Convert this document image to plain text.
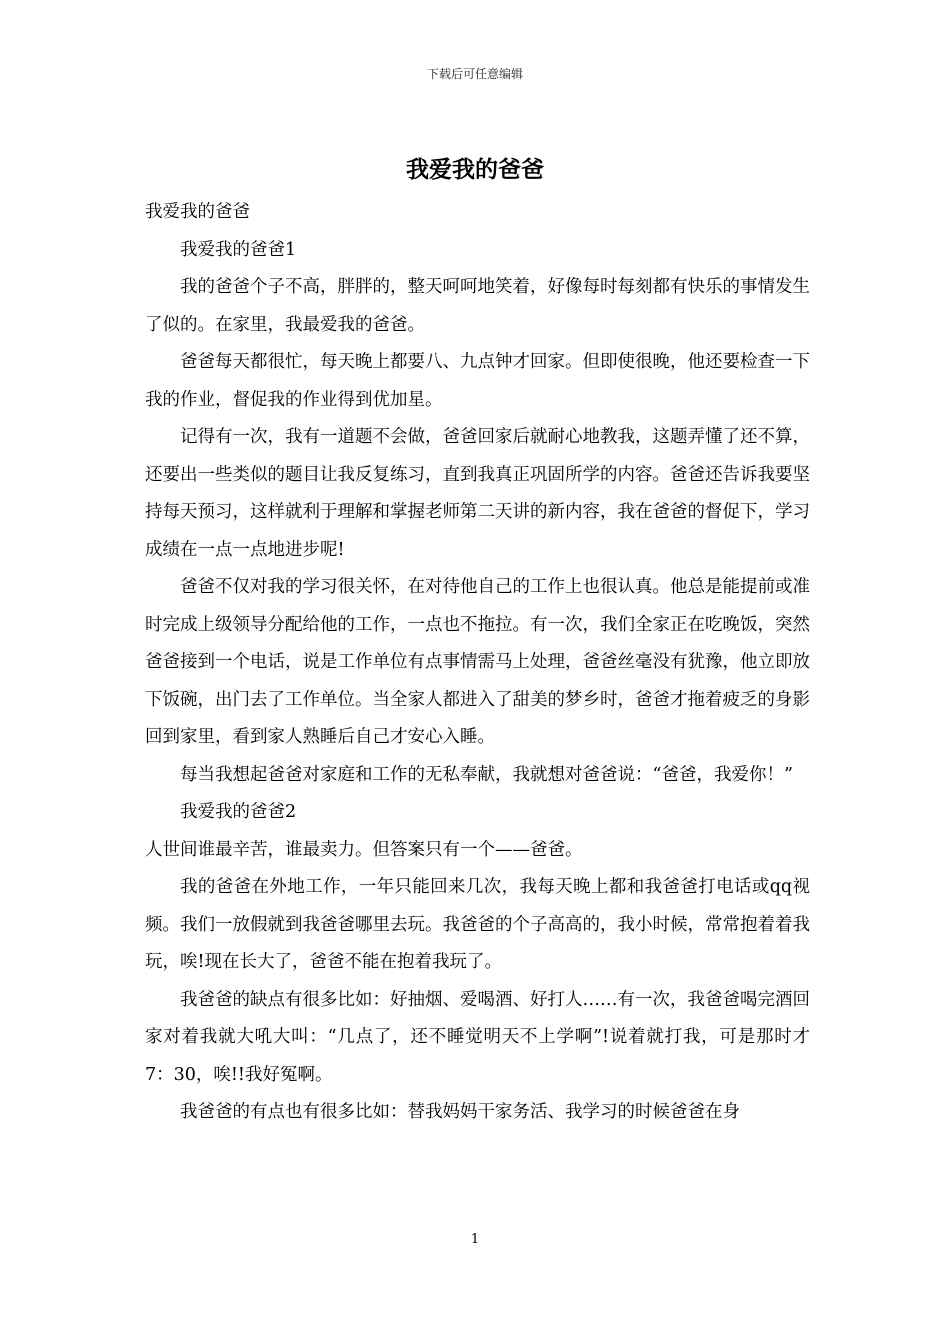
下载后可任意编辑
我爱我的爸爸

我爱我的爸爸

我爱我的爸爸1

我的爸爸个子不高，胖胖的，整天呵呵地笑着，好像每时每刻都有快乐的事情发生了似的。在家里，我最爱我的爸爸。

爸爸每天都很忙，每天晚上都要八、九点钟才回家。但即使很晚，他还要检查一下我的作业，督促我的作业得到优加星。

记得有一次，我有一道题不会做，爸爸回家后就耐心地教我，这题弄懂了还不算，还要出一些类似的题目让我反复练习，直到我真正巩固所学的内容。爸爸还告诉我要坚持每天预习，这样就利于理解和掌握老师第二天讲的新内容，我在爸爸的督促下，学习成绩在一点一点地进步呢!

爸爸不仅对我的学习很关怀，在对待他自己的工作上也很认真。他总是能提前或准时完成上级领导分配给他的工作，一点也不拖拉。有一次，我们全家正在吃晚饭，突然爸爸接到一个电话，说是工作单位有点事情需马上处理，爸爸丝毫没有犹豫，他立即放下饭碗，出门去了工作单位。当全家人都进入了甜美的梦乡时，爸爸才拖着疲乏的身影回到家里，看到家人熟睡后自己才安心入睡。

每当我想起爸爸对家庭和工作的无私奉献，我就想对爸爸说：“爸爸，我爱你！”

我爱我的爸爸2

人世间谁最辛苦，谁最卖力。但答案只有一个——爸爸。

我的爸爸在外地工作，一年只能回来几次，我每天晚上都和我爸爸打电话或qq视频。我们一放假就到我爸爸哪里去玩。我爸爸的个子高高的，我小时候，常常抱着着我玩，唉!现在长大了，爸爸不能在抱着我玩了。

我爸爸的缺点有很多比如：好抽烟、爱喝酒、好打人……有一次，我爸爸喝完酒回家对着我就大吼大叫：“几点了，还不睡觉明天不上学啊”!说着就打我，可是那时才7：30，唉!!我好冤啊。

我爸爸的有点也有很多比如：替我妈妈干家务活、我学习的时候爸爸在身

1
